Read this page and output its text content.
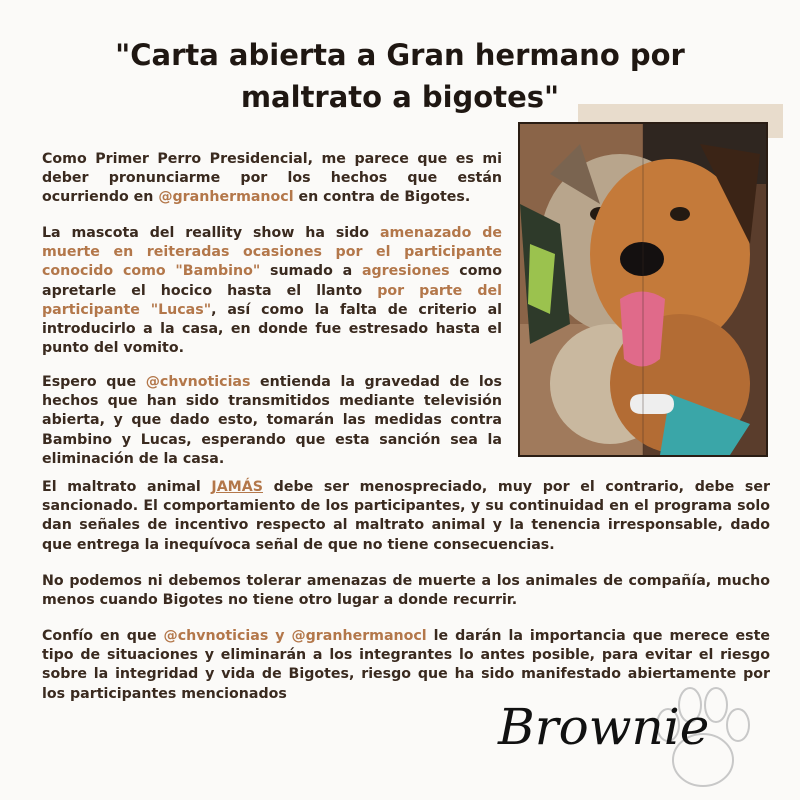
"Carta abierta a Gran hermano por maltrato a bigotes"

Como Primer Perro Presidencial, me parece que es mi deber pronunciarme por los hechos que están ocurriendo en @granhermanocl en contra de Bigotes.

La mascota del reallity show ha sido amenazado de muerte en reiteradas ocasiones por el participante conocido como "Bambino" sumado a agresiones como apretarle el hocico hasta el llanto por parte del participante "Lucas", así como la falta de criterio al introducirlo a la casa, en donde fue estresado hasta el punto del vomito.

Espero que @chvnoticias entienda la gravedad de los hechos que han sido transmitidos mediante televisión abierta, y que dado esto, tomarán las medidas contra Bambino y Lucas, esperando que esta sanción sea la eliminación de la casa.

El maltrato animal JAMÁS debe ser menospreciado, muy por el contrario, debe ser sancionado. El comportamiento de los participantes, y su continuidad en el programa solo dan señales de incentivo respecto al maltrato animal y la tenencia irresponsable, dado que entrega la inequívoca señal de que no tiene consecuencias.

No podemos ni debemos tolerar amenazas de muerte a los animales de compañía, mucho menos cuando Bigotes no tiene otro lugar a donde recurrir.

Confío en que @chvnoticias y @granhermanocl le darán la importancia que merece este tipo de situaciones y eliminarán a los integrantes lo antes posible, para evitar el riesgo sobre la integridad y vida de Bigotes, riesgo que ha sido manifestado abiertamente por los participantes mencionados

Brownie
